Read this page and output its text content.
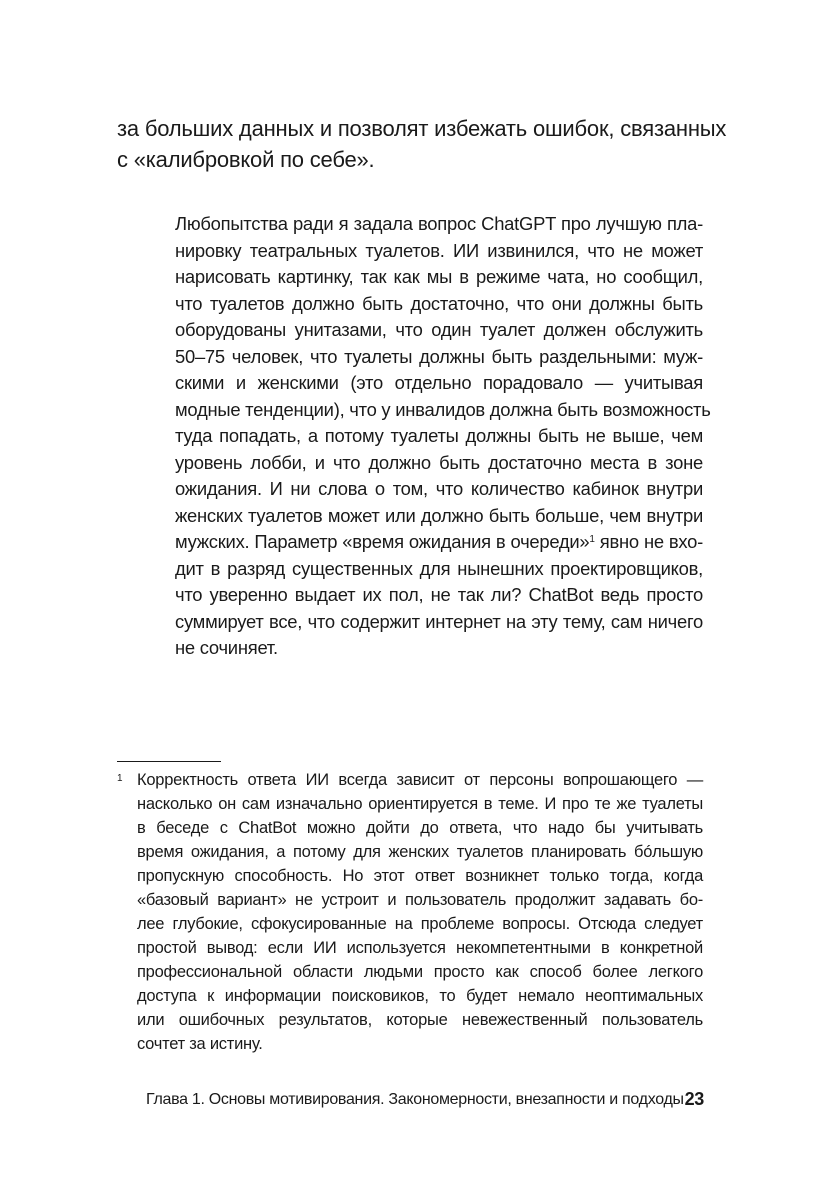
за больших данных и позволят избежать ошибок, связанных
с «калибровкой по себе».
Любопытства ради я задала вопрос ChatGPT про лучшую пла-
нировку театральных туалетов. ИИ извинился, что не может
нарисовать картинку, так как мы в режиме чата, но сообщил,
что туалетов должно быть достаточно, что они должны быть
оборудованы унитазами, что один туалет должен обслужить
50–75 человек, что туалеты должны быть раздельными: муж-
скими и женскими (это отдельно порадовало — учитывая
модные тенденции), что у инвалидов должна быть возможность
туда попадать, а потому туалеты должны быть не выше, чем
уровень лобби, и что должно быть достаточно места в зоне
ожидания. И ни слова о том, что количество кабинок внутри
женских туалетов может или должно быть больше, чем внутри
мужских. Параметр «время ожидания в очереди»$^1$ явно не вхо-
дит в разряд существенных для нынешних проектировщиков,
что уверенно выдает их пол, не так ли? ChatBot ведь просто
суммирует все, что содержит интернет на эту тему, сам ничего
не сочиняет.
1 Корректность ответа ИИ всегда зависит от персоны вопрошающего —
насколько он сам изначально ориентируется в теме. И про те же туалеты
в беседе с ChatBot можно дойти до ответа, что надо бы учитывать
время ожидания, а потому для женских туалетов планировать бóльшую
пропускную способность. Но этот ответ возникнет только тогда, когда
«базовый вариант» не устроит и пользователь продолжит задавать бо-
лее глубокие, сфокусированные на проблеме вопросы. Отсюда следует
простой вывод: если ИИ используется некомпетентными в конкретной
профессиональной области людьми просто как способ более легкого
доступа к информации поисковиков, то будет немало неоптимальных
или ошибочных результатов, которые невежественный пользователь
сочтет за истину.
Глава 1. Основы мотивирования. Закономерности, внезапности и подходы 23
